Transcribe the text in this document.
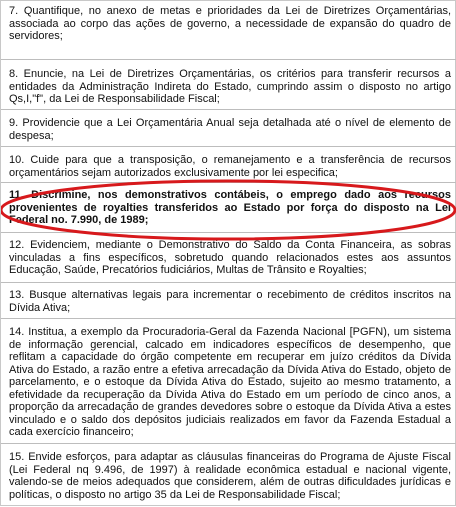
7. Quantifique, no anexo de metas e prioridades da Lei de Diretrizes Orçamentárias, associada ao corpo das ações de governo, a necessidade de expansão do quadro de servidores;

8. Enuncie, na Lei de Diretrizes Orçamentárias, os critérios para transferir recursos a entidades da Administração Indireta do Estado, cumprindo assim o disposto no artigo Qs,I,"f", da Lei de Responsabilidade Fiscal;

9. Providencie que a Lei Orçamentária Anual seja detalhada até o nível de elemento de despesa;

10. Cuide para que a transposição, o remanejamento e a transferência de recursos orçamentários sejam autorizados exclusivamente por lei especifica;

11. Discrimine, nos demonstrativos contábeis, o emprego dado aos recursos provenientes de royalties transferidos ao Estado por força do disposto na Lei Federal no. 7.990, de 1989;

12. Evidenciem, mediante o Demonstrativo do Saldo da Conta Financeira, as sobras vinculadas a fins específicos, sobretudo quando relacionados estes aos assuntos Educação, Saúde, Precatórios fudiciários, Multas de Trânsito e Royalties;

13. Busque alternativas legais para incrementar o recebimento de créditos inscritos na Dívida Ativa;

14. Institua, a exemplo da Procuradoria-Geral da Fazenda Nacional [PGFN), um sistema de informação gerencial, calcado em indicadores específicos de desempenho, que reflitam a capacidade do órgão competente em recuperar em juízo créditos da Dívida Ativa do Estado, a razão entre a efetiva arrecadação da Dívida Ativa do Estado, objeto de parcelamento, e o estoque da Dívida Ativa do Estado, sujeito ao mesmo tratamento, a efetividade da recuperação da Dívida Ativa do Estado em um período de cinco anos, a proporção da arrecadação de grandes devedores sobre o estoque da Dívida Ativa a estes vinculado e o saldo dos depósitos judiciais realizados em favor da Fazenda Estadual a cada exercício financeiro;

15. Envide esforços, para adaptar as cláusulas financeiras do Programa de Ajuste Fiscal (Lei Federal nq 9.496, de 1997) à realidade econômica estadual e nacional vigente, valendo-se de meios adequados que considerem, além de outras dificuldades jurídicas e políticas, o disposto no artigo 35 da Lei de Responsabilidade Fiscal;
